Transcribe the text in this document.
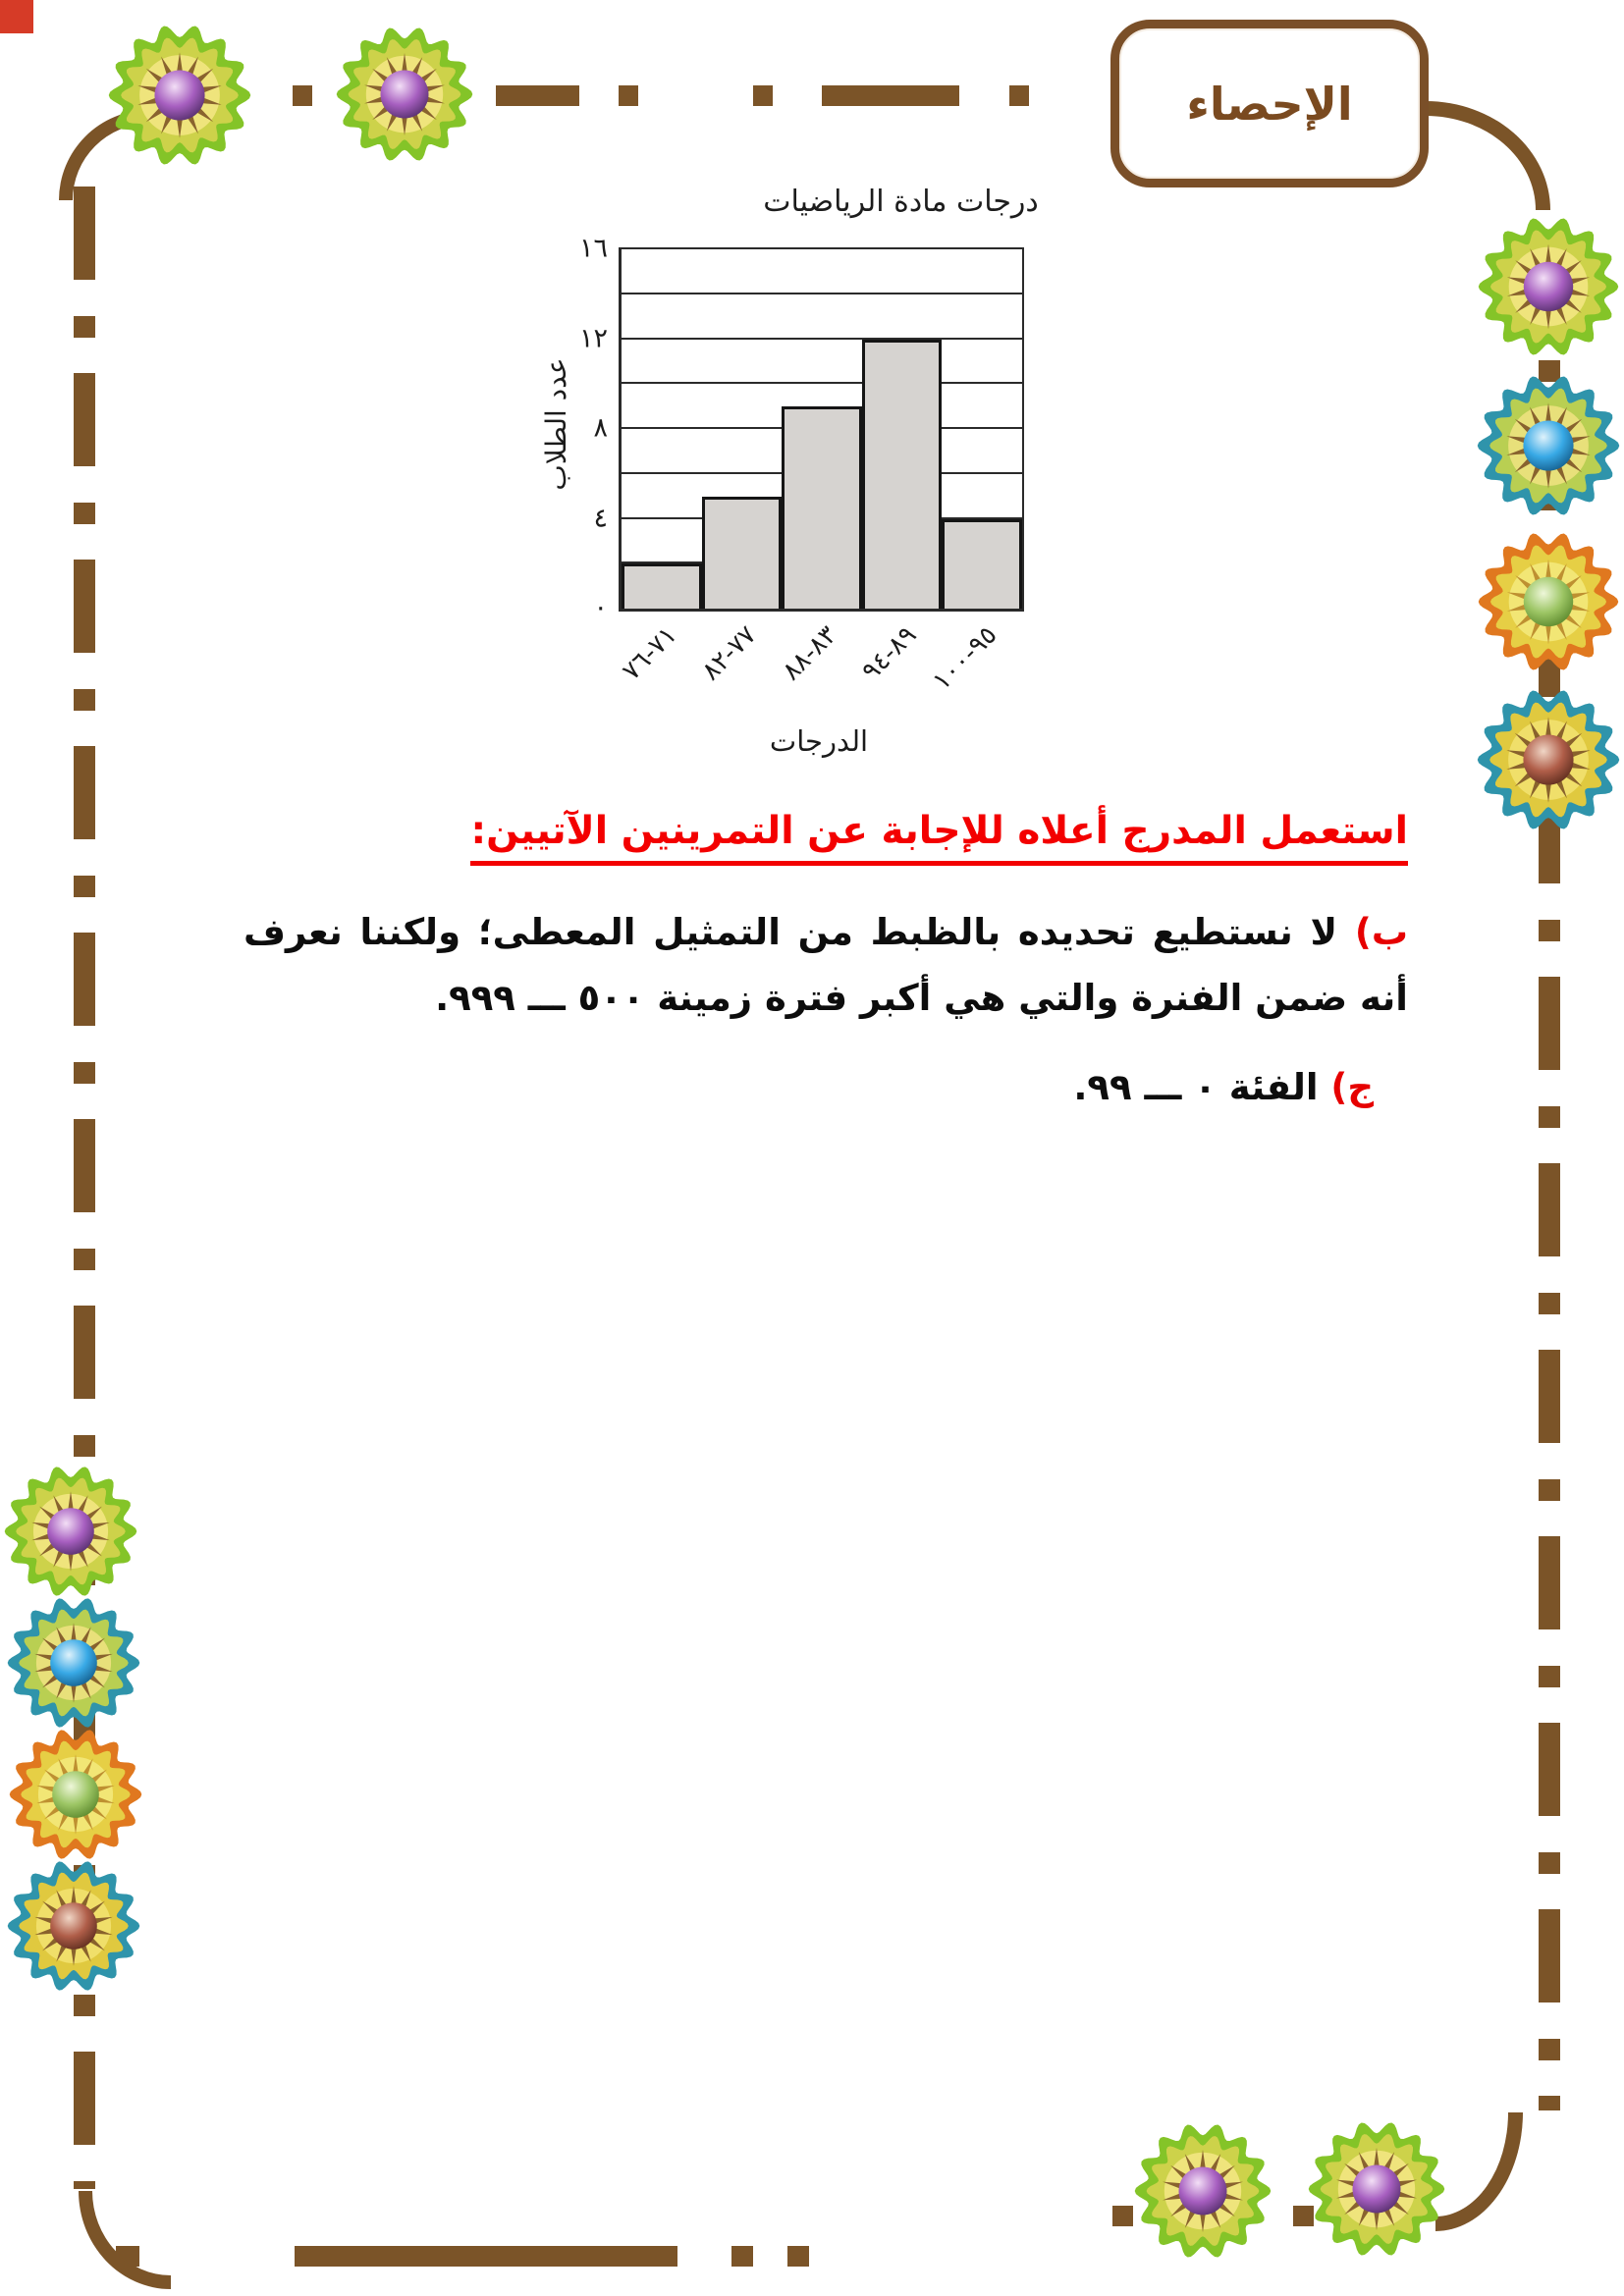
الإحصاء
درجات مادة الرياضيات
عدد الطلاب
١٦
١٢
٨
٤
٠
٧١-٧٦
٧٧-٨٢
٨٣-٨٨
٨٩-٩٤
٩٥-١٠٠
الدرجات
استعمل المدرج أعلاه للإجابة عن التمرينين الآتيين:
ب) لا نستطيع تحديده بالظبط من التمثيل المعطى؛ ولكننا نعرف أنه ضمن الفنرة والتي هي أكبر فترة زمينة ٥٠٠ ـــ ٩٩٩.
ج) الفئة ٠ ـــ ٩٩.
